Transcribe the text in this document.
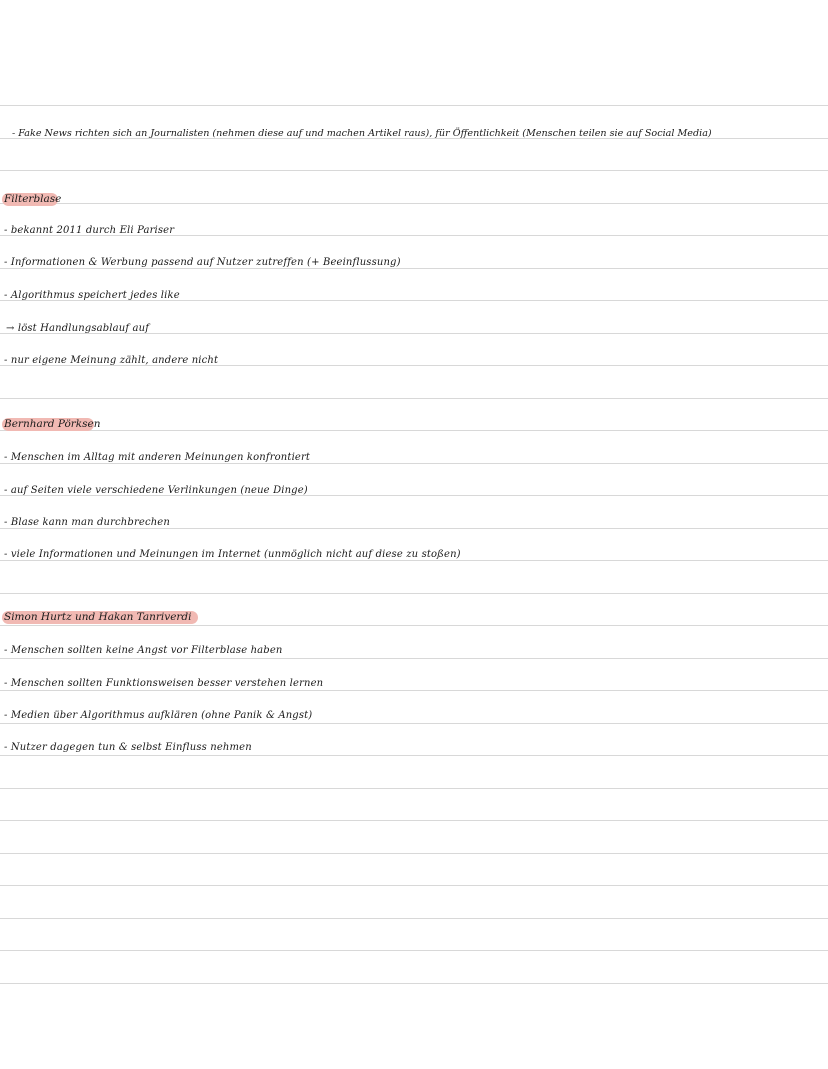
- Fake News richten sich an Journalisten (nehmen diese auf und machen Artikel raus), für Öffentlichkeit (Menschen teilen sie auf Social Media)
Filterblase
- bekannt 2011 durch Eli Pariser
- Informationen & Werbung passend auf Nutzer zutreffen (+ Beeinflussung)
- Algorithmus speichert jedes like
→ löst Handlungsablauf auf
- nur eigene Meinung zählt, andere nicht
Bernhard Pörksen
- Menschen im Alltag mit anderen Meinungen konfrontiert
- auf Seiten viele verschiedene Verlinkungen (neue Dinge)
- Blase kann man durchbrechen
- viele Informationen und Meinungen im Internet (unmöglich nicht auf diese zu stoßen)
Simon Hurtz und Hakan Tanriverdi
- Menschen sollten keine Angst vor Filterblase haben
- Menschen sollten Funktionsweisen besser verstehen lernen
- Medien über Algorithmus aufklären (ohne Panik & Angst)
- Nutzer dagegen tun & selbst Einfluss nehmen
